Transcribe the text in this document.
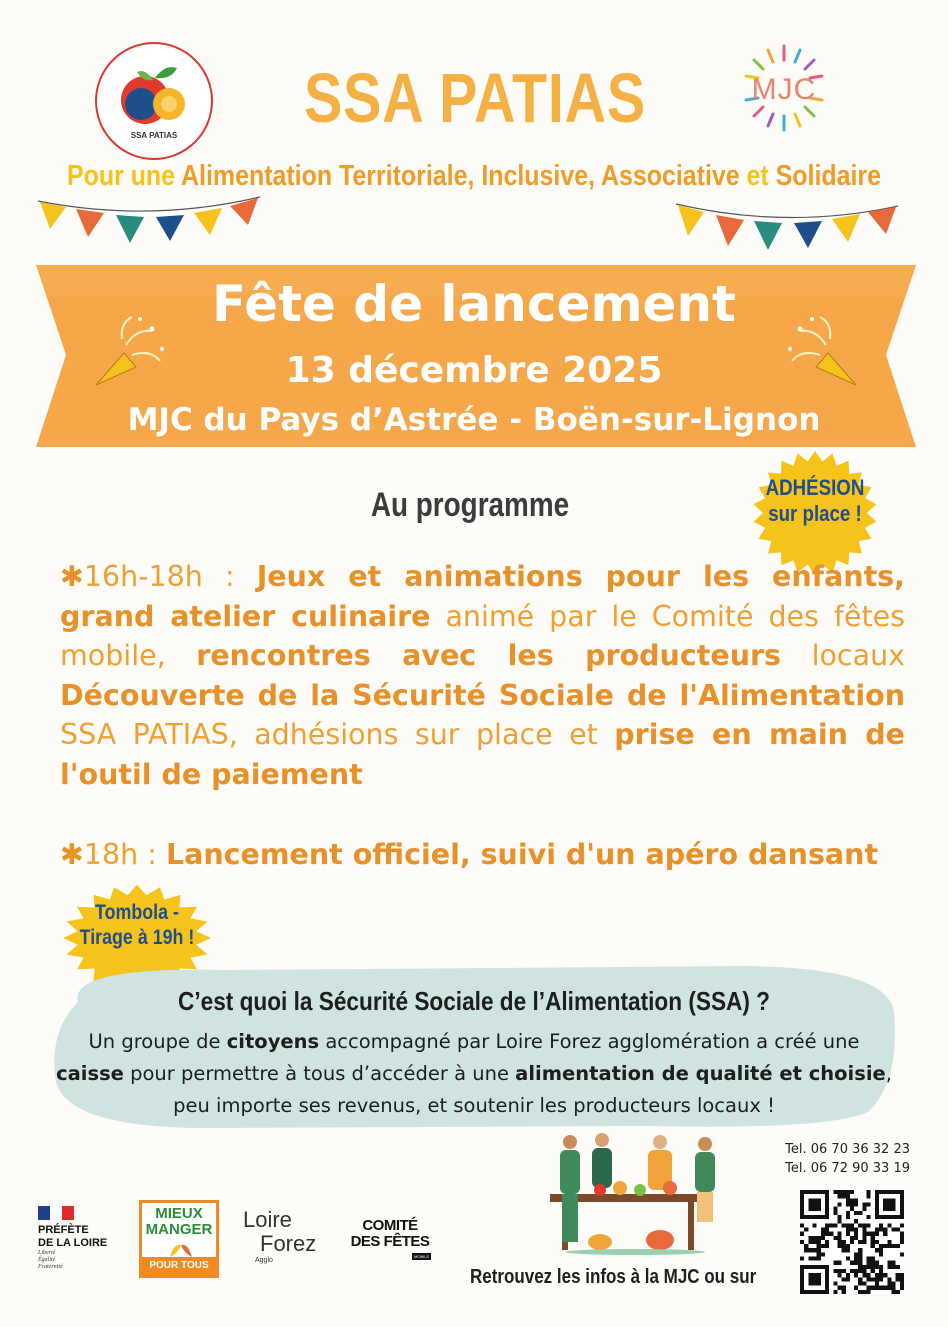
SSA PATIAS	SSA PATIAS	MJC
Pour une Alimentation Territoriale, Inclusive, Associative et Solidaire
Fête de lancement
13 décembre 2025
MJC du Pays d’Astrée - Boën-sur-Lignon
Au programme	ADHÉSION
sur place !
✱16h-18h : Jeux et animations pour les enfants, grand atelier culinaire animé par le Comité des fêtes mobile, rencontres avec les producteurs locaux Découverte de la Sécurité Sociale de l'Alimentation SSA PATIAS, adhésions sur place et prise en main de l'outil de paiement
✱18h : Lancement officiel, suivi d'un apéro dansant
Tombola -
Tirage à 19h !
C’est quoi la Sécurité Sociale de l’Alimentation (SSA) ?
Un groupe de citoyens accompagné par Loire Forez agglomération a créé une caisse pour permettre à tous d’accéder à une alimentation de qualité et choisie, peu importe ses revenus, et soutenir les producteurs locaux !
Tel. 06 70 36 32 23
Tel. 06 72 90 33 19
PRÉFÈTE
DE LA LOIRE
Liberté
Égalité
Fraternité
MIEUX
MANGER
POUR TOUS
Loire
Forez
Agglo
COMITÉ
DES FÊTES
MOBILE
Retrouvez les infos à la MJC ou sur
